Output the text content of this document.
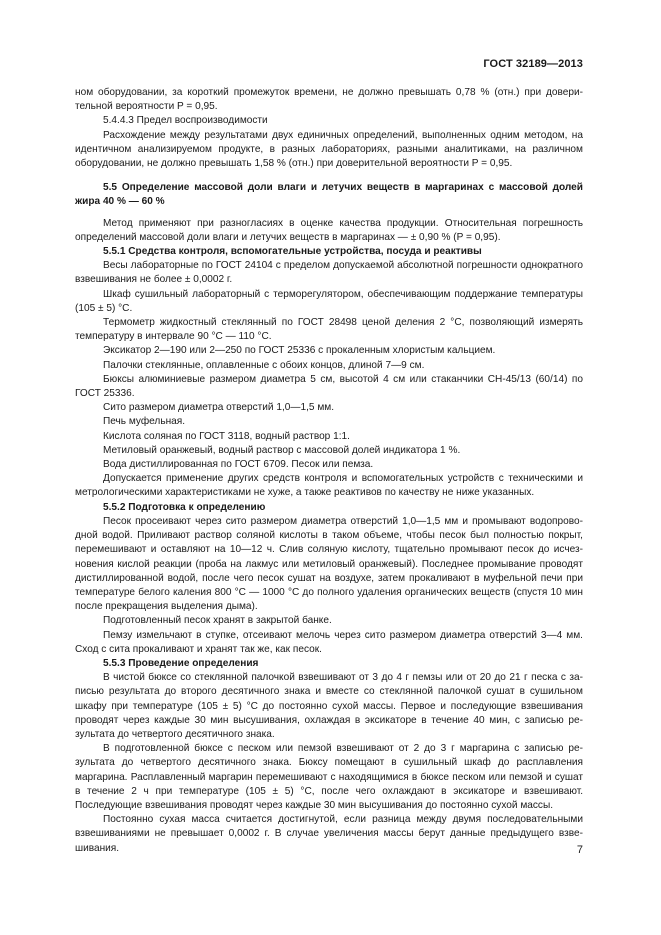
ГОСТ 32189—2013

ном оборудовании, за короткий промежуток времени, не должно превышать 0,78 % (отн.) при доверительной вероятности P = 0,95.

5.4.4.3 Предел воспроизводимости

Расхождение между результатами двух единичных определений, выполненных одним методом, на идентичном анализируемом продукте, в разных лабораториях, разными аналитиками, на различном оборудовании, не должно превышать 1,58 % (отн.) при доверительной вероятности P = 0,95.

5.5 Определение массовой доли влаги и летучих веществ в маргаринах с массовой долей жира 40 % — 60 %

Метод применяют при разногласиях в оценке качества продукции. Относительная погрешность определений массовой доли влаги и летучих веществ в маргаринах — ± 0,90 % (P = 0,95).

5.5.1 Средства контроля, вспомогательные устройства, посуда и реактивы

Весы лабораторные по ГОСТ 24104 с пределом допускаемой абсолютной погрешности однократного взвешивания не более ± 0,0002 г.

Шкаф сушильный лабораторный с терморегулятором, обеспечивающим поддержание температуры (105 ± 5) °C.

Термометр жидкостный стеклянный по ГОСТ 28498 ценой деления 2 °C, позволяющий измерять температуру в интервале 90 °C — 110 °C.

Эксикатор 2—190 или 2—250 по ГОСТ 25336 с прокаленным хлористым кальцием.

Палочки стеклянные, оплавленные с обоих концов, длиной 7—9 см.

Бюксы алюминиевые размером диаметра 5 см, высотой 4 см или стаканчики СН-45/13 (60/14) по ГОСТ 25336.

Сито размером диаметра отверстий 1,0—1,5 мм.

Печь муфельная.

Кислота соляная по ГОСТ 3118, водный раствор 1:1.

Метиловый оранжевый, водный раствор с массовой долей индикатора 1 %.

Вода дистиллированная по ГОСТ 6709. Песок или пемза.

Допускается применение других средств контроля и вспомогательных устройств с техническими и метрологическими характеристиками не хуже, а также реактивов по качеству не ниже указанных.

5.5.2 Подготовка к определению

Песок просеивают через сито размером диаметра отверстий 1,0—1,5 мм и промывают водопроводной водой. Приливают раствор соляной кислоты в таком объеме, чтобы песок был полностью покрыт, перемешивают и оставляют на 10—12 ч. Слив соляную кислоту, тщательно промывают песок до исчезновения кислой реакции (проба на лакмус или метиловый оранжевый). Последнее промывание проводят дистиллированной водой, после чего песок сушат на воздухе, затем прокаливают в муфельной печи при температуре белого каления 800 °C — 1000 °C до полного удаления органических веществ (спустя 10 мин после прекращения выделения дыма).

Подготовленный песок хранят в закрытой банке.

Пемзу измельчают в ступке, отсеивают мелочь через сито размером диаметра отверстий 3—4 мм. Сход с сита прокаливают и хранят так же, как песок.

5.5.3 Проведение определения

В чистой бюксе со стеклянной палочкой взвешивают от 3 до 4 г пемзы или от 20 до 21 г песка с записью результата до второго десятичного знака и вместе со стеклянной палочкой сушат в сушильном шкафу при температуре (105 ± 5) °C до постоянно сухой массы. Первое и последующие взвешивания проводят через каждые 30 мин высушивания, охлаждая в эксикаторе в течение 40 мин, с записью результата до четвертого десятичного знака.

В подготовленной бюксе с песком или пемзой взвешивают от 2 до 3 г маргарина с записью результата до четвертого десятичного знака. Бюксу помещают в сушильный шкаф до расплавления маргарина. Расплавленный маргарин перемешивают с находящимися в бюксе песком или пемзой и сушат в течение 2 ч при температуре (105 ± 5) °C, после чего охлаждают в эксикаторе и взвешивают. Последующие взвешивания проводят через каждые 30 мин высушивания до постоянно сухой массы.

Постоянно сухая масса считается достигнутой, если разница между двумя последовательными взвешиваниями не превышает 0,0002 г. В случае увеличения массы берут данные предыдущего взвешивания.	7
